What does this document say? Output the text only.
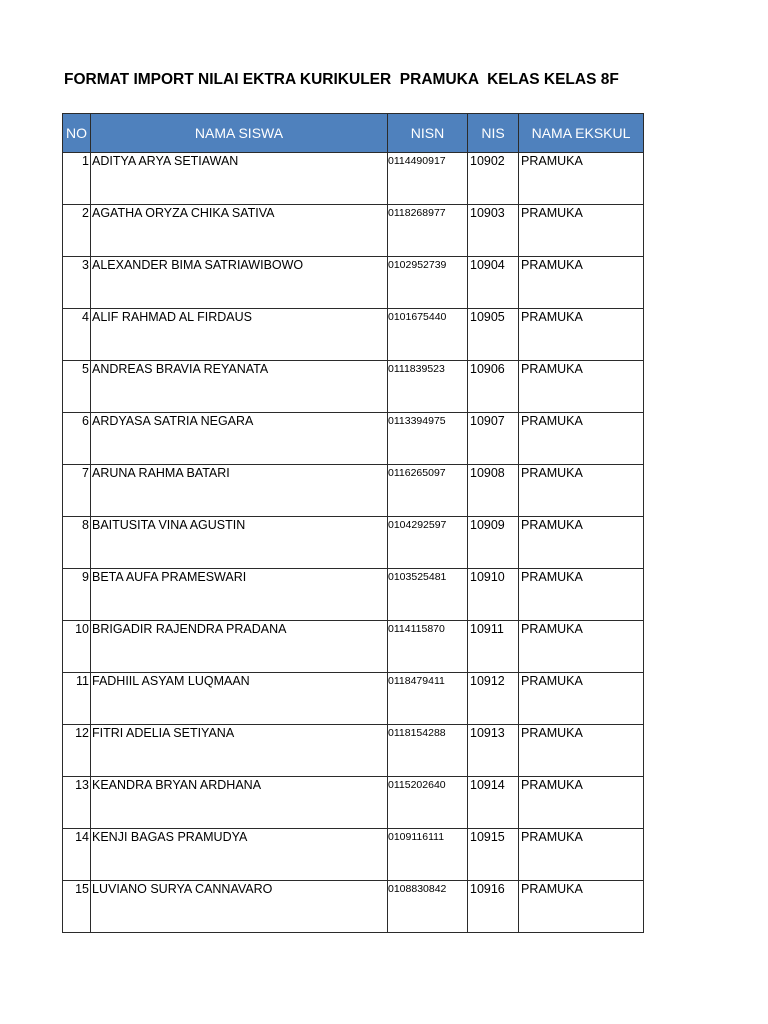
FORMAT IMPORT NILAI EKTRA KURIKULER  PRAMUKA  KELAS KELAS 8F
NO	NAMA SISWA	NISN	NIS	NAMA EKSKUL
1	ADITYA ARYA SETIAWAN	0114490917	10902	PRAMUKA
2	AGATHA ORYZA CHIKA SATIVA	0118268977	10903	PRAMUKA
3	ALEXANDER BIMA SATRIAWIBOWO	0102952739	10904	PRAMUKA
4	ALIF RAHMAD AL FIRDAUS	0101675440	10905	PRAMUKA
5	ANDREAS BRAVIA REYANATA	0111839523	10906	PRAMUKA
6	ARDYASA SATRIA NEGARA	0113394975	10907	PRAMUKA
7	ARUNA RAHMA BATARI	0116265097	10908	PRAMUKA
8	BAITUSITA VINA AGUSTIN	0104292597	10909	PRAMUKA
9	BETA AUFA PRAMESWARI	0103525481	10910	PRAMUKA
10	BRIGADIR RAJENDRA PRADANA	0114115870	10911	PRAMUKA
11	FADHIIL ASYAM LUQMAAN	0118479411	10912	PRAMUKA
12	FITRI ADELIA SETIYANA	0118154288	10913	PRAMUKA
13	KEANDRA BRYAN ARDHANA	0115202640	10914	PRAMUKA
14	KENJI BAGAS PRAMUDYA	0109116111	10915	PRAMUKA
15	LUVIANO SURYA CANNAVARO	0108830842	10916	PRAMUKA
